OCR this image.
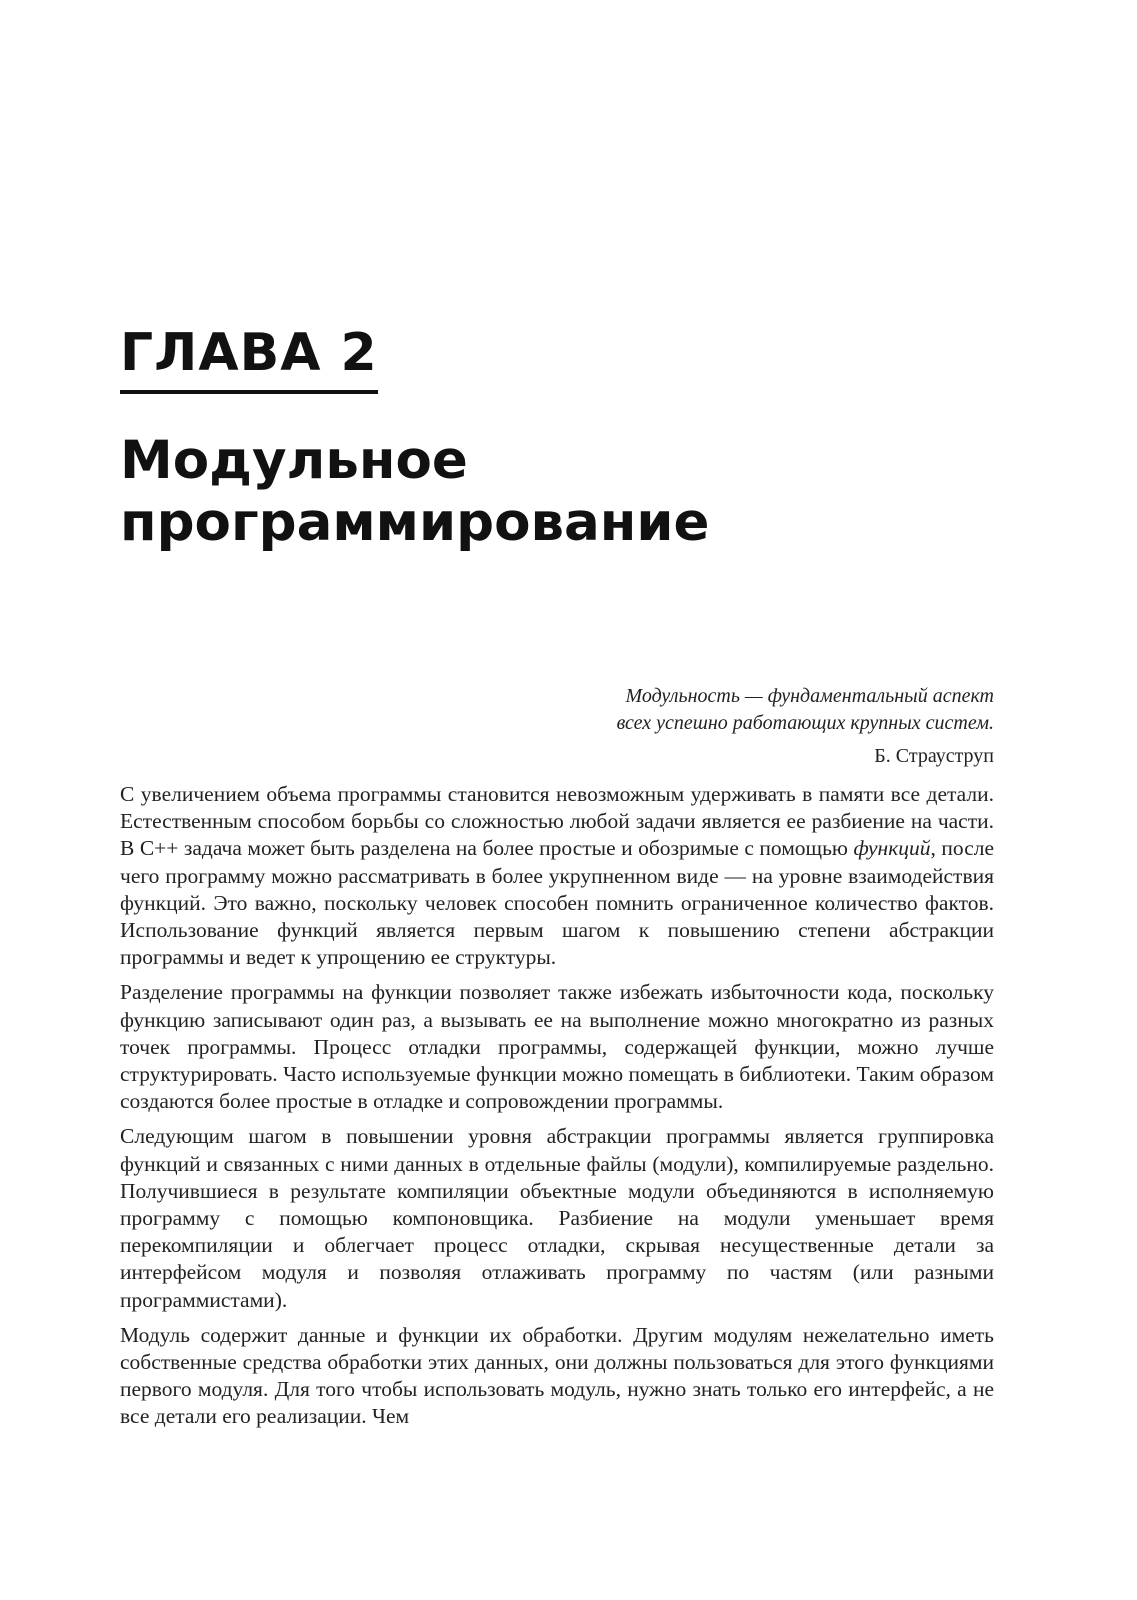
ГЛАВА 2
Модульное
программирование
Модульность — фундаментальный аспект
всех успешно работающих крупных систем.
Б. Страуструп

С увеличением объема программы становится невозможным удерживать в памяти все детали. Естественным способом борьбы со сложностью любой задачи является ее разбиение на части. В C++ задача может быть разделена на более простые и обозримые с помощью функций, после чего программу можно рассматривать в более укрупненном виде — на уровне взаимодействия функций. Это важно, поскольку человек способен помнить ограниченное количество фактов. Использование функций является первым шагом к повышению степени абстракции программы и ведет к упрощению ее структуры.

Разделение программы на функции позволяет также избежать избыточности кода, поскольку функцию записывают один раз, а вызывать ее на выполнение можно многократно из разных точек программы. Процесс отладки программы, содержащей функции, можно лучше структурировать. Часто используемые функции можно помещать в библиотеки. Таким образом создаются более простые в отладке и сопровождении программы.

Следующим шагом в повышении уровня абстракции программы является группировка функций и связанных с ними данных в отдельные файлы (модули), компилируемые раздельно. Получившиеся в результате компиляции объектные модули объединяются в исполняемую программу с помощью компоновщика. Разбиение на модули уменьшает время перекомпиляции и облегчает процесс отладки, скрывая несущественные детали за интерфейсом модуля и позволяя отлаживать программу по частям (или разными программистами).

Модуль содержит данные и функции их обработки. Другим модулям нежелательно иметь собственные средства обработки этих данных, они должны пользоваться для этого функциями первого модуля. Для того чтобы использовать модуль, нужно знать только его интерфейс, а не все детали его реализации. Чем
